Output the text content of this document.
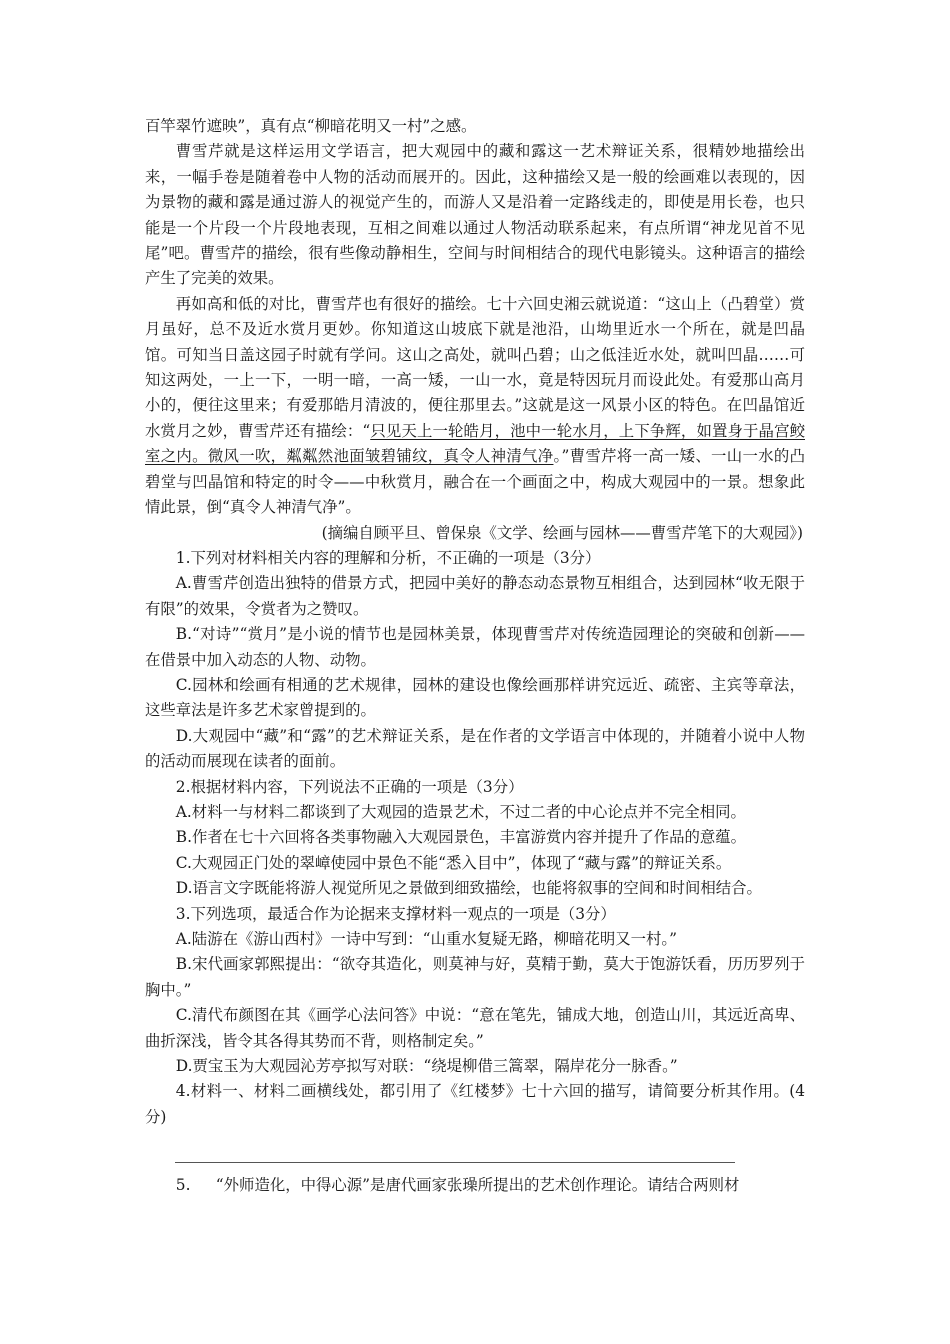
百竿翠竹遮映”，真有点“柳暗花明又一村”之感。

曹雪芹就是这样运用文学语言，把大观园中的藏和露这一艺术辩证关系，很精妙地描绘出来，一幅手卷是随着卷中人物的活动而展开的。因此，这种描绘又是一般的绘画难以表现的，因为景物的藏和露是通过游人的视觉产生的，而游人又是沿着一定路线走的，即使是用长卷，也只能是一个片段一个片段地表现，互相之间难以通过人物活动联系起来，有点所谓“神龙见首不见尾”吧。曹雪芹的描绘，很有些像动静相生，空间与时间相结合的现代电影镜头。这种语言的描绘产生了完美的效果。

再如高和低的对比，曹雪芹也有很好的描绘。七十六回史湘云就说道：“这山上（凸碧堂）赏月虽好，总不及近水赏月更妙。你知道这山坡底下就是池沿，山坳里近水一个所在，就是凹晶馆。可知当日盖这园子时就有学问。这山之高处，就叫凸碧；山之低洼近水处，就叫凹晶……可知这两处，一上一下，一明一暗，一高一矮，一山一水，竟是特因玩月而设此处。有爱那山高月小的，便往这里来；有爱那皓月清波的，便往那里去。”这就是这一风景小区的特色。在凹晶馆近水赏月之妙，曹雪芹还有描绘：“只见天上一轮皓月，池中一轮水月，上下争辉，如置身于晶宫鲛室之内。微风一吹，粼粼然池面皱碧铺纹，真令人神清气净。”曹雪芹将一高一矮、一山一水的凸碧堂与凹晶馆和特定的时令——中秋赏月，融合在一个画面之中，构成大观园中的一景。想象此情此景，倒“真令人神清气净”。

(摘编自顾平旦、曾保泉《文学、绘画与园林——曹雪芹笔下的大观园》)

1.下列对材料相关内容的理解和分析，不正确的一项是（3分）

A.曹雪芹创造出独特的借景方式，把园中美好的静态动态景物互相组合，达到园林“收无限于有限”的效果，令赏者为之赞叹。

B.“对诗”“赏月”是小说的情节也是园林美景，体现曹雪芹对传统造园理论的突破和创新——在借景中加入动态的人物、动物。

C.园林和绘画有相通的艺术规律，园林的建设也像绘画那样讲究远近、疏密、主宾等章法，这些章法是许多艺术家曾提到的。

D.大观园中“藏”和“露”的艺术辩证关系，是在作者的文学语言中体现的，并随着小说中人物的活动而展现在读者的面前。

2.根据材料内容，下列说法不正确的一项是（3分）

A.材料一与材料二都谈到了大观园的造景艺术，不过二者的中心论点并不完全相同。

B.作者在七十六回将各类事物融入大观园景色，丰富游赏内容并提升了作品的意蕴。

C.大观园正门处的翠嶂使园中景色不能“悉入目中”，体现了“藏与露”的辩证关系。

D.语言文字既能将游人视觉所见之景做到细致描绘，也能将叙事的空间和时间相结合。

3.下列选项，最适合作为论据来支撑材料一观点的一项是（3分）

A.陆游在《游山西村》一诗中写到：“山重水复疑无路，柳暗花明又一村。”

B.宋代画家郭熙提出：“欲夺其造化，则莫神与好，莫精于勤，莫大于饱游饫看，历历罗列于胸中。”

C.清代布颜图在其《画学心法问答》中说：“意在笔先，铺成大地，创造山川，其远近高卑、曲折深浅，皆令其各得其势而不背，则格制定矣。”

D.贾宝玉为大观园沁芳亭拟写对联：“绕堤柳借三篙翠，隔岸花分一脉香。”

4.材料一、材料二画横线处，都引用了《红楼梦》七十六回的描写，请简要分析其作用。(4分)

5. “外师造化，中得心源”是唐代画家张璪所提出的艺术创作理论。请结合两则材
